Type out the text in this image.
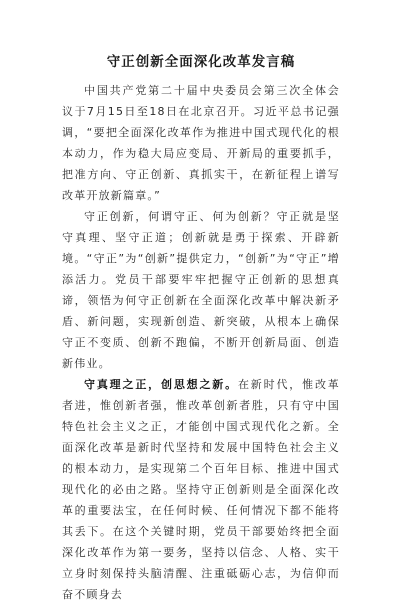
守正创新全面深化改革发言稿

中国共产党第二十届中央委员会第三次全体会议于7月15日至18日在北京召开。习近平总书记强调，“要把全面深化改革作为推进中国式现代化的根本动力，作为稳大局应变局、开新局的重要抓手，把准方向、守正创新、真抓实干，在新征程上谱写改革开放新篇章。”

守正创新，何谓守正、何为创新？守正就是坚守真理、坚守正道；创新就是勇于探索、开辟新境。“守正”为“创新”提供定力，“创新”为“守正”增添活力。党员干部要牢牢把握守正创新的思想真谛，领悟为何守正创新在全面深化改革中解决新矛盾、新问题，实现新创造、新突破，从根本上确保守正不变质、创新不跑偏，不断开创新局面、创造新伟业。

守真理之正，创思想之新。在新时代，惟改革者进，惟创新者强，惟改革创新者胜，只有守中国特色社会主义之正，才能创中国式现代化之新。全面深化改革是新时代坚持和发展中国特色社会主义的根本动力，是实现第二个百年目标、推进中国式现代化的必由之路。坚持守正创新则是全面深化改革的重要法宝，在任何时候、任何情况下都不能将其丢下。在这个关键时期，党员干部要始终把全面深化改革作为第一要务，坚持以信念、人格、实干立身时刻保持头脑清醒、注重砥砺心志，为信仰而奋不顾身去
